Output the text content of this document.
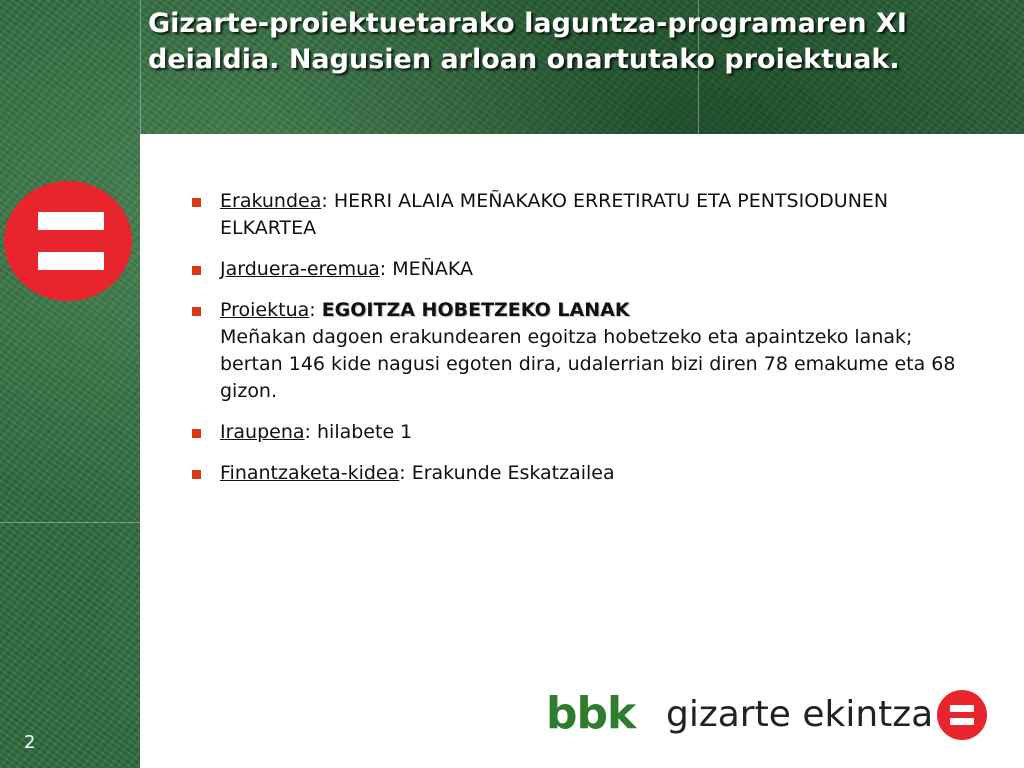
Gizarte-proiektuetarako laguntza-programaren XI deialdia. Nagusien arloan onartutako proiektuak.
Erakundea: HERRI ALAIA MEÑAKAKO ERRETIRATU ETA PENTSIODUNEN ELKARTEA
Jarduera-eremua: MEÑAKA
Proiektua: EGOITZA HOBETZEKO LANAK
Meñakan dagoen erakundearen egoitza hobetzeko eta apaintzeko lanak; bertan 146 kide nagusi egoten dira, udalerrian bizi diren 78 emakume eta 68 gizon.
Iraupena: hilabete 1
Finantzaketa-kidea: Erakunde Eskatzailea
bbk gizarte ekintza
2
